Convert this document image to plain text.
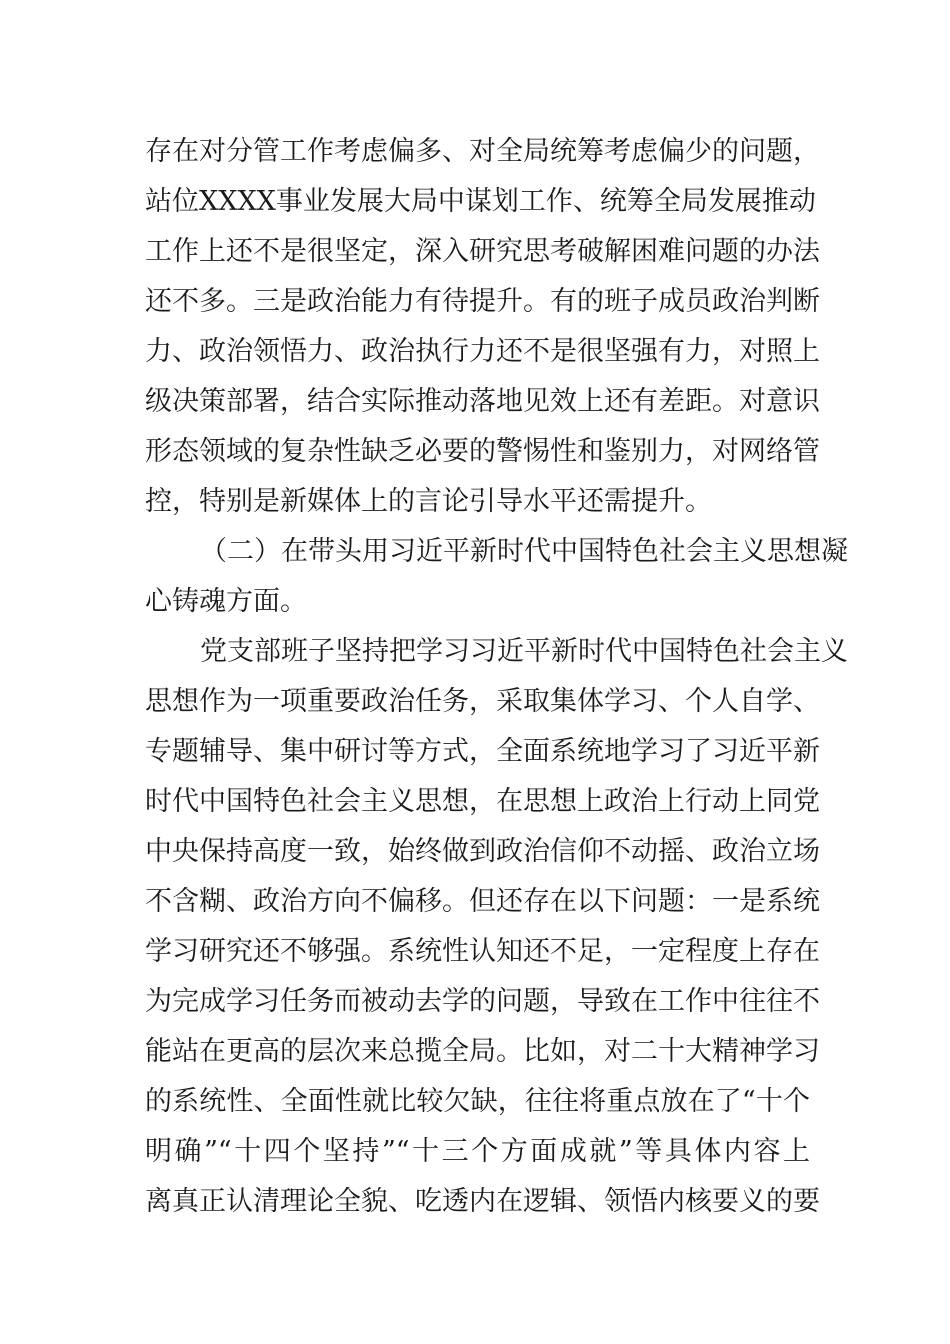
存在对分管工作考虑偏多、对全局统筹考虑偏少的问题，
站位XXXX事业发展大局中谋划工作、统筹全局发展推动
工作上还不是很坚定，深入研究思考破解困难问题的办法
还不多。三是政治能力有待提升。有的班子成员政治判断
力、政治领悟力、政治执行力还不是很坚强有力，对照上
级决策部署，结合实际推动落地见效上还有差距。对意识
形态领域的复杂性缺乏必要的警惕性和鉴别力，对网络管
控，特别是新媒体上的言论引导水平还需提升。
（二）在带头用习近平新时代中国特色社会主义思想凝
心铸魂方面。
党支部班子坚持把学习习近平新时代中国特色社会主义
思想作为一项重要政治任务，采取集体学习、个人自学、
专题辅导、集中研讨等方式，全面系统地学习了习近平新
时代中国特色社会主义思想，在思想上政治上行动上同党
中央保持高度一致，始终做到政治信仰不动摇、政治立场
不含糊、政治方向不偏移。但还存在以下问题：一是系统
学习研究还不够强。系统性认知还不足，一定程度上存在
为完成学习任务而被动去学的问题，导致在工作中往往不
能站在更高的层次来总揽全局。比如，对二十大精神学习
的系统性、全面性就比较欠缺，往往将重点放在了“十个
明确”“十四个坚持”“十三个方面成就”等具体内容上
离真正认清理论全貌、吃透内在逻辑、领悟内核要义的要
